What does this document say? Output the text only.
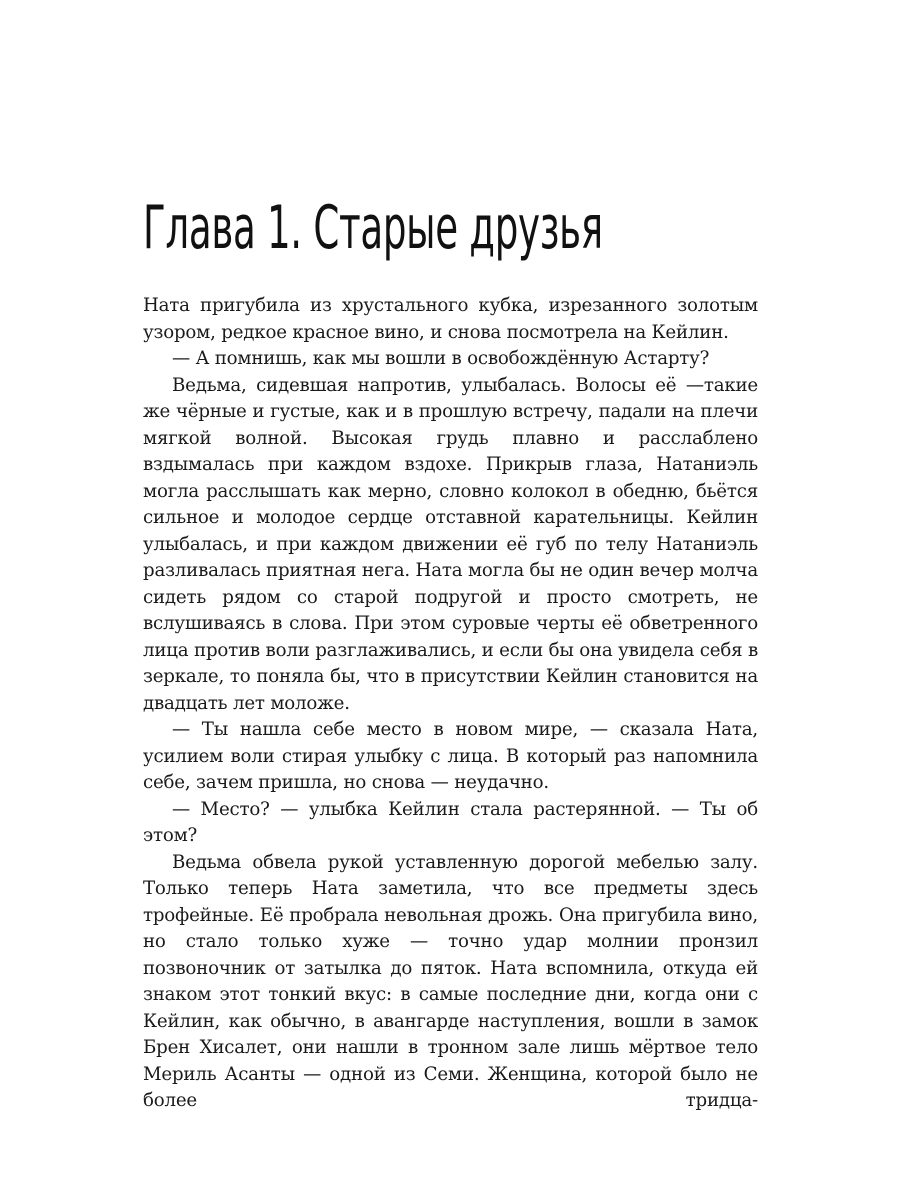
Глава 1. Старые друзья

Ната пригубила из хрустального кубка, изрезанного золотым узором, редкое красное вино, и снова посмотрела на Кейлин.

— А помнишь, как мы вошли в освобождённую Астарту?

Ведьма, сидевшая напротив, улыбалась. Волосы её —такие же чёрные и густые, как и в прошлую встречу, падали на плечи мягкой волной. Высокая грудь плавно и расслаблено вздымалась при каждом вздохе. Прикрыв глаза, Натаниэль могла расслышать как мерно, словно колокол в обедню, бьётся сильное и молодое сердце отставной карательницы. Кейлин улыбалась, и при каждом движении её губ по телу Натаниэль разливалась приятная нега. Ната могла бы не один вечер молча сидеть рядом со старой подругой и просто смотреть, не вслушиваясь в слова. При этом суровые черты её обветренного лица против воли разглаживались, и если бы она увидела себя в зеркале, то поняла бы, что в присутствии Кейлин становится на двадцать лет моложе.

— Ты нашла себе место в новом мире, — сказала Ната, усилием воли стирая улыбку с лица. В который раз напомнила себе, зачем пришла, но снова — неудачно.

— Место? — улыбка Кейлин стала растерянной. — Ты об этом?

Ведьма обвела рукой уставленную дорогой мебелью залу. Только теперь Ната заметила, что все предметы здесь трофейные. Её пробрала невольная дрожь. Она пригубила вино, но стало только хуже — точно удар молнии пронзил позвоночник от затылка до пяток. Ната вспомнила, откуда ей знаком этот тонкий вкус: в самые последние дни, когда они с Кейлин, как обычно, в авангарде наступления, вошли в замок Брен Хисалет, они нашли в тронном зале лишь мёртвое тело Мериль Асанты — одной из Семи. Женщина, которой было не более тридца-
